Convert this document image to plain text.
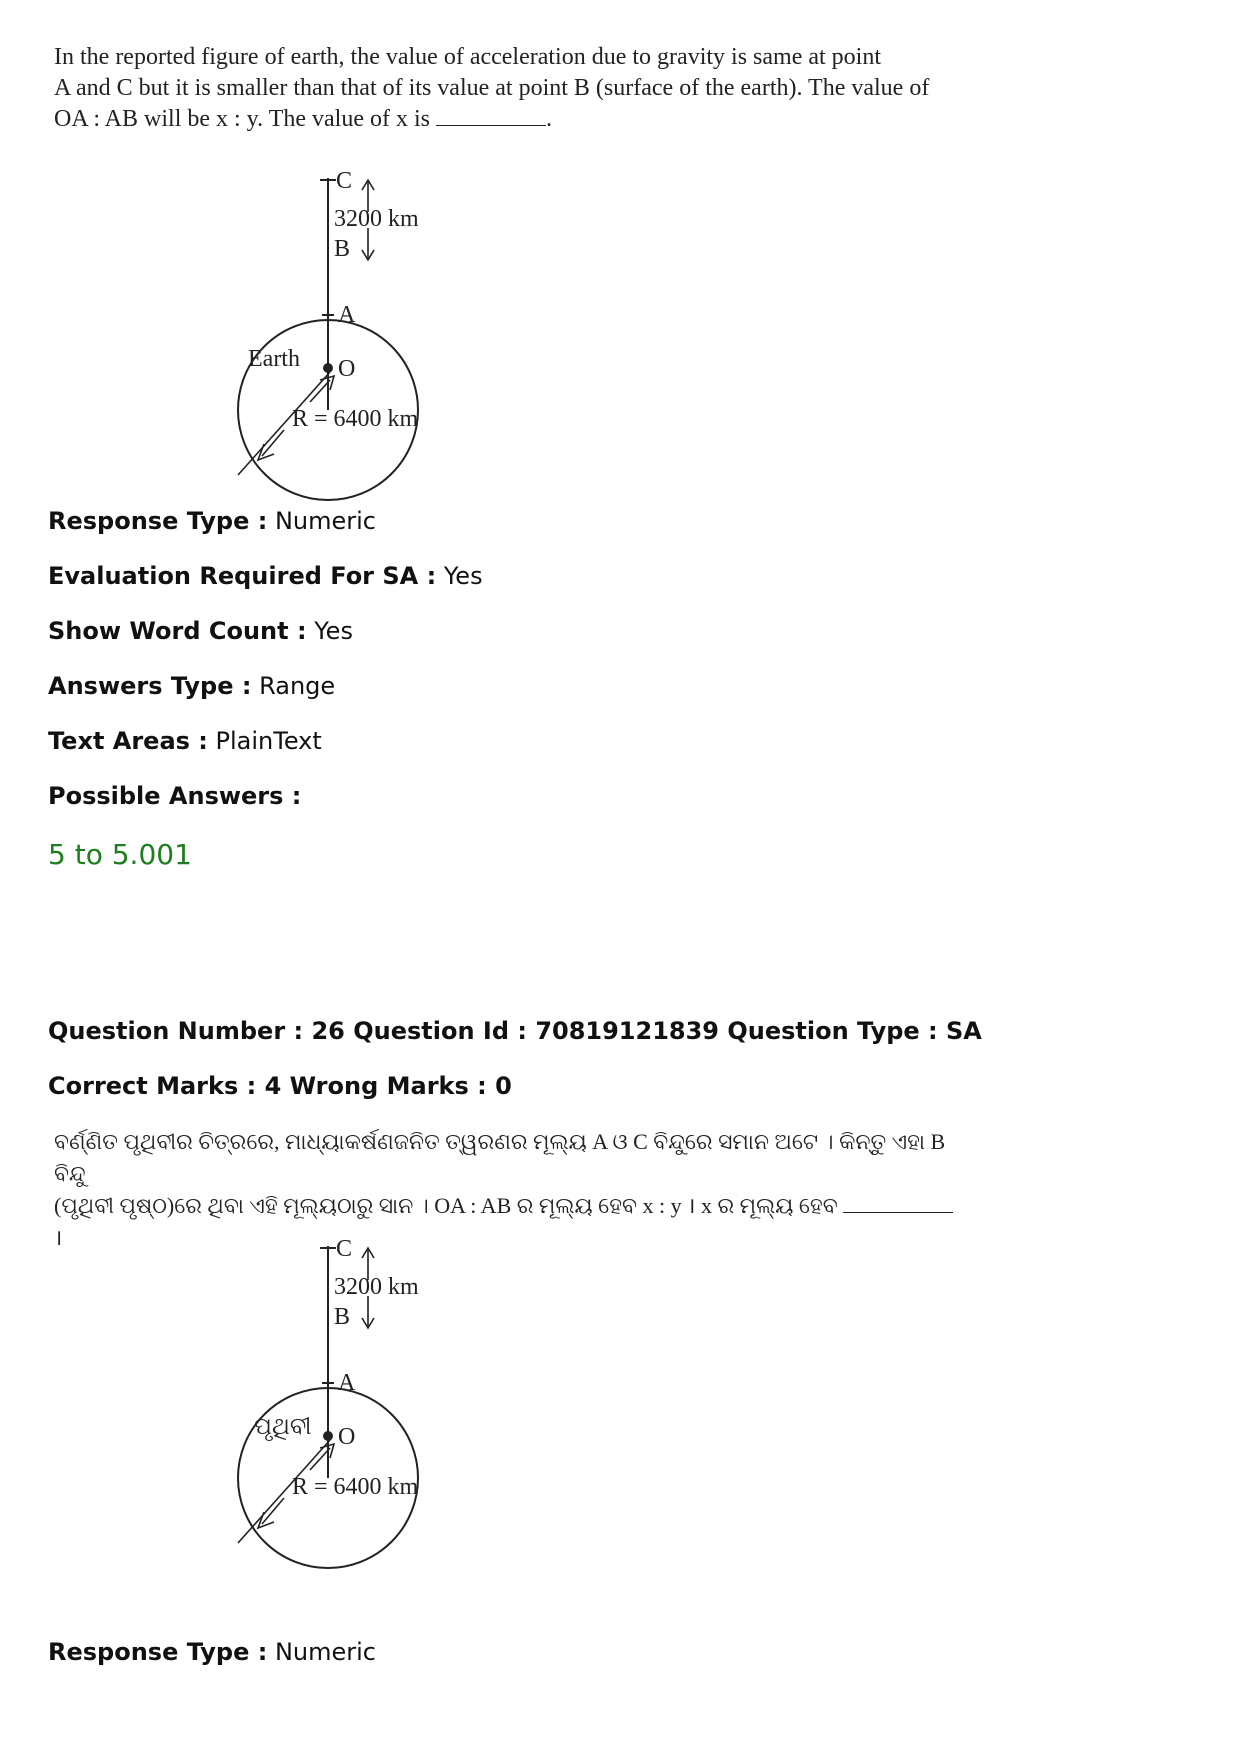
In the reported figure of earth, the value of acceleration due to gravity is same at point
A and C but it is smaller than that of its value at point B (surface of the earth). The value of
OA : AB will be x : y. The value of x is	.
C
3200 km
B
A
Earth O
R = 6400 km
Response Type : Numeric
Evaluation Required For SA : Yes
Show Word Count : Yes
Answers Type : Range
Text Areas : PlainText
Possible Answers :
5 to 5.001
Question Number : 26 Question Id : 70819121839 Question Type : SA
Correct Marks : 4 Wrong Marks : 0
ବର୍ଣ୍ଣିତ ପୃଥିବୀର ଚିତ୍ରରେ, ମାଧ୍ୟାକର୍ଷଣଜନିତ ତ୍ୱରଣର ମୂଲ୍ୟ A ଓ C ବିନ୍ଦୁରେ ସମାନ ଅଟେ । କିନ୍ତୁ ଏହା B ବିନ୍ଦୁ
(ପୃଥିବୀ ପୃଷ୍ଠ)ରେ ଥିବା ଏହି ମୂଲ୍ୟଠାରୁ ସାନ । OA : AB ର ମୂଲ୍ୟ ହେବ x : y । x ର ମୂଲ୍ୟ ହେବ  ।	C
3200 km
B
A
ପୃଥିବୀ O
R = 6400 km
Response Type : Numeric
